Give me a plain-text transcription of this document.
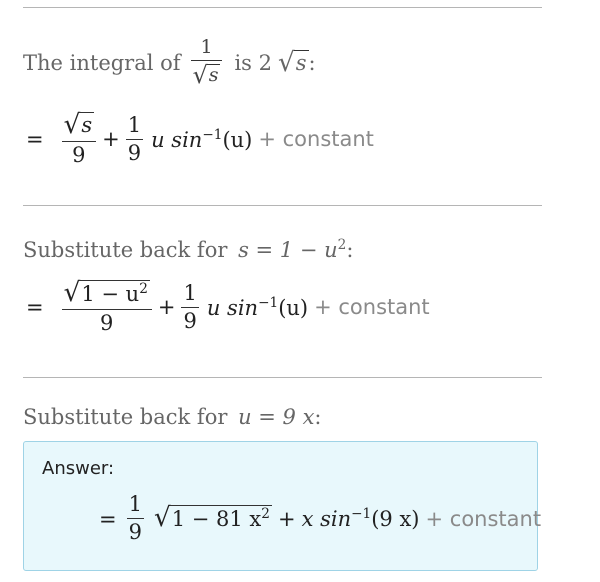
The integral of $\frac{1}{√ s}$ is 2 √ s :
= $\frac{√ s}{9} + \frac{1}{9}$ u $\sin^{-1}(u)$ + constant
Substitute back for $s = 1 - u^2$:
= $\frac{√ 1 - u^2}{9} + \frac{1}{9}$ u $\sin^{-1}(u)$ + constant
Substitute back for u = 9 x:
Answer:
= $\frac{1}{9}$ √ 1 − 81 $x^2 + x$ $\sin^{-1}(9$ x) + constant
